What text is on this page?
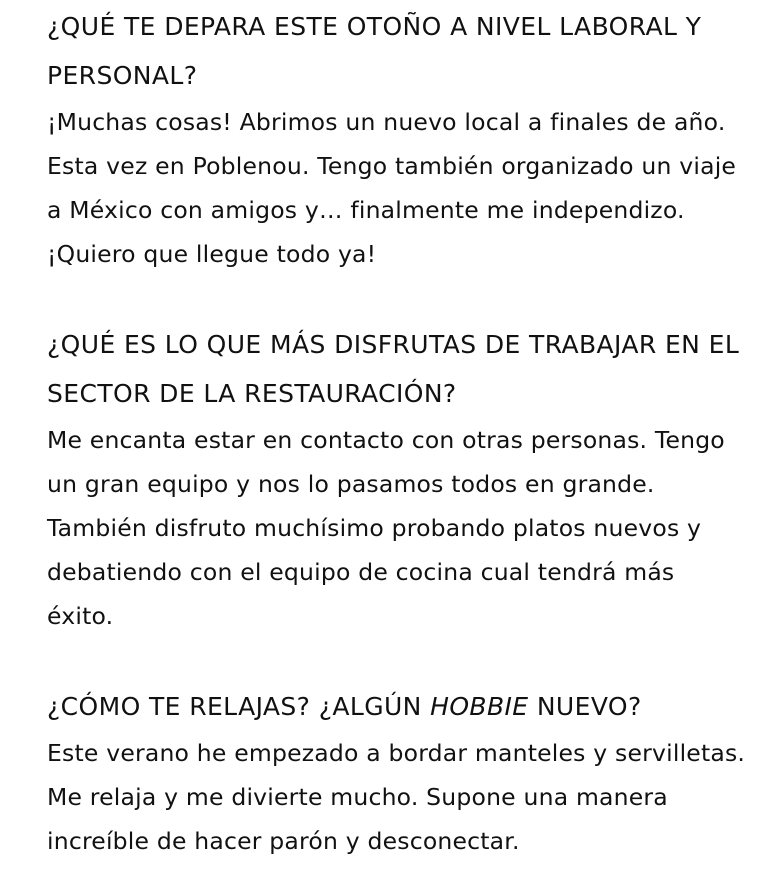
¿QUÉ TE DEPARA ESTE OTOÑO A NIVEL LABORAL Y PERSONAL?

¡Muchas cosas! Abrimos un nuevo local a finales de año. Esta vez en Poblenou. Tengo también organizado un viaje a México con amigos y… finalmente me independizo. ¡Quiero que llegue todo ya!

¿QUÉ ES LO QUE MÁS DISFRUTAS DE TRABAJAR EN EL SECTOR DE LA RESTAURACIÓN?

Me encanta estar en contacto con otras personas. Tengo un gran equipo y nos lo pasamos todos en grande. También disfruto muchísimo probando platos nuevos y debatiendo con el equipo de cocina cual tendrá más éxito.

¿CÓMO TE RELAJAS? ¿ALGÚN HOBBIE NUEVO?

Este verano he empezado a bordar manteles y servilletas. Me relaja y me divierte mucho. Supone una manera increíble de hacer parón y desconectar.
